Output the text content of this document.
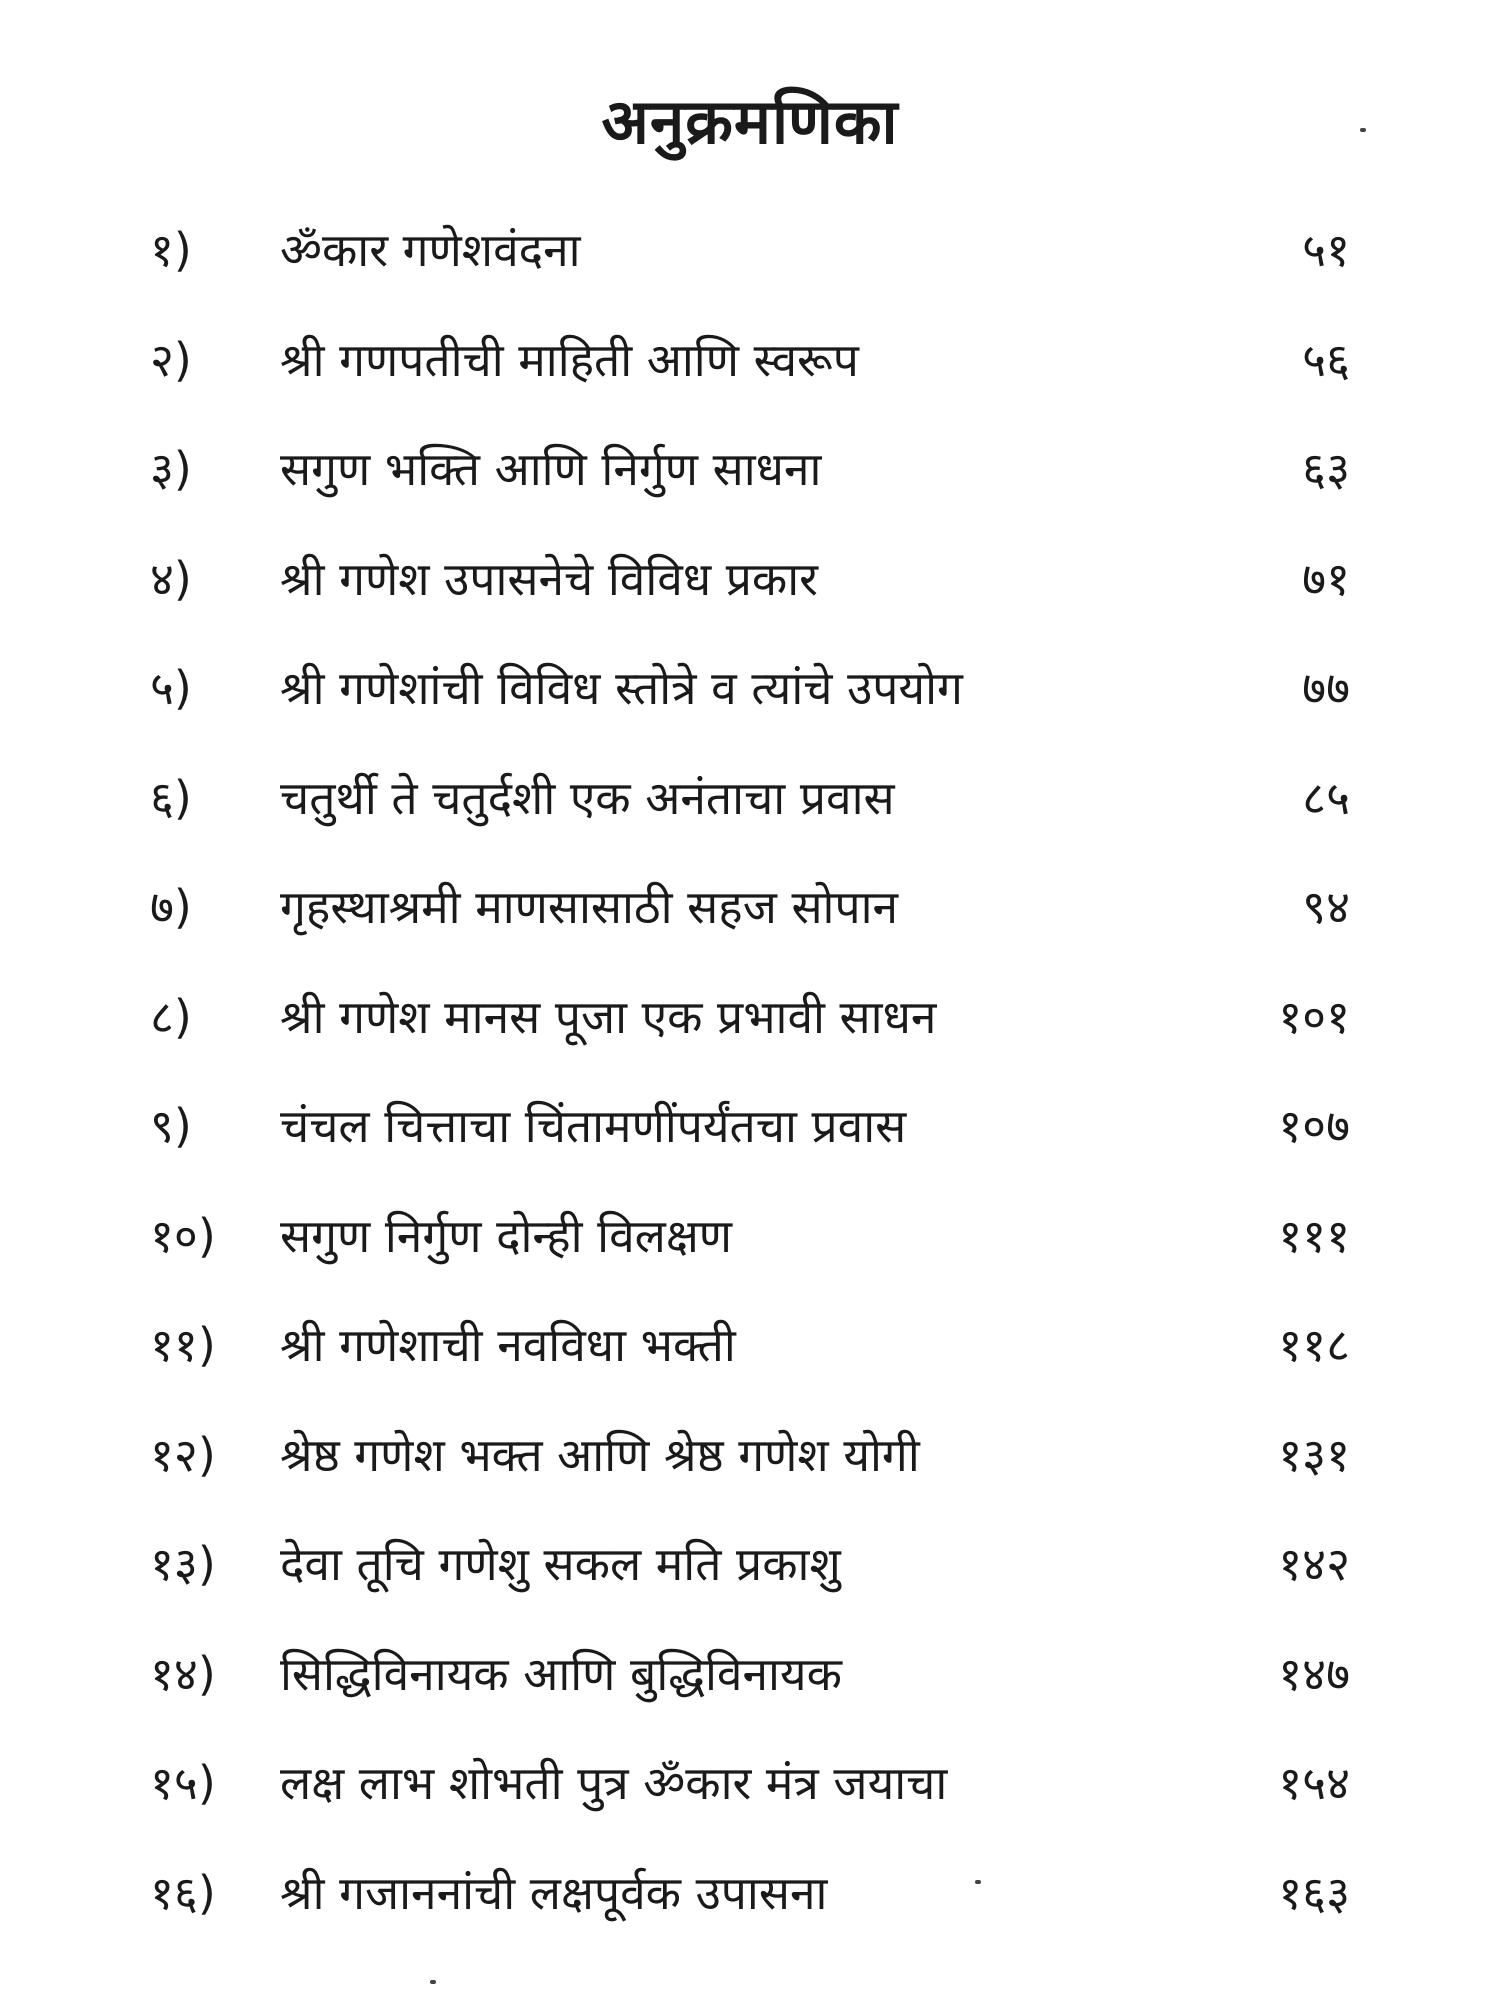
अनुक्रमणिका
१)	ॐकार गणेशवंदना	५१
२)	श्री गणपतीची माहिती आणि स्वरूप	५६
३)	सगुण भक्ति आणि निर्गुण साधना	६३
४)	श्री गणेश उपासनेचे विविध प्रकार	७१
५)	श्री गणेशांची विविध स्तोत्रे व त्यांचे उपयोग	७७
६)	चतुर्थी ते चतुर्दशी एक अनंताचा प्रवास	८५
७)	गृहस्थाश्रमी माणसासाठी सहज सोपान	९४
८)	श्री गणेश मानस पूजा एक प्रभावी साधन	१०१
९)	चंचल चित्ताचा चिंतामणींपर्यंतचा प्रवास	१०७
१०)	सगुण निर्गुण दोन्ही विलक्षण	१११
११)	श्री गणेशाची नवविधा भक्ती	११८
१२)	श्रेष्ठ गणेश भक्त आणि श्रेष्ठ गणेश योगी	१३१
१३)	देवा तूचि गणेशु सकल मति प्रकाशु	१४२
१४)	सिद्धिविनायक आणि बुद्धिविनायक	१४७
१५)	लक्ष लाभ शोभती पुत्र ॐकार मंत्र जयाचा	१५४
१६)	श्री गजाननांची लक्षपूर्वक उपासना	१६३
